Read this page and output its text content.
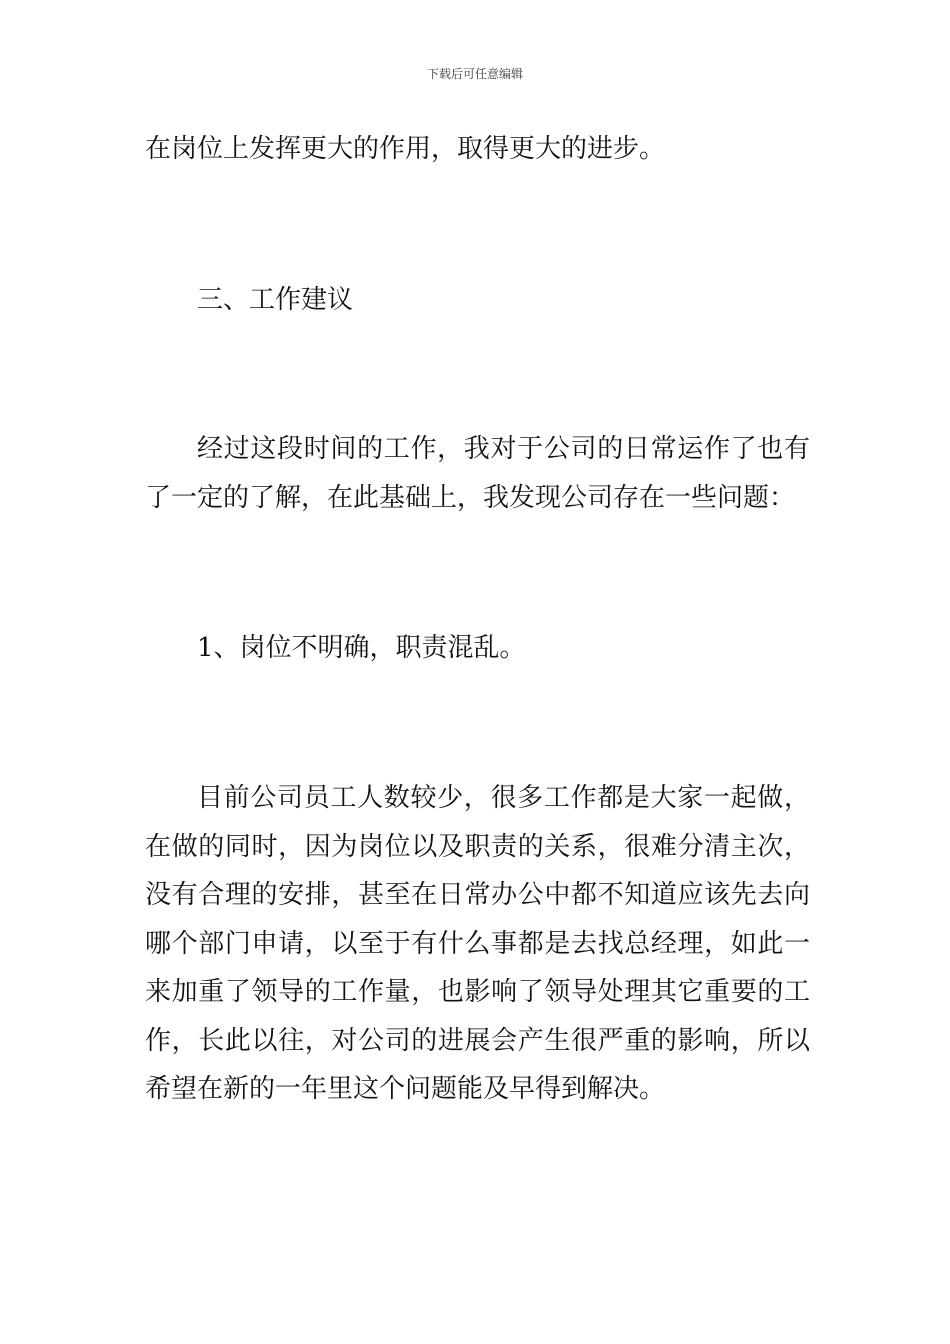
下载后可任意编辑

在岗位上发挥更大的作用，取得更大的进步。

三、工作建议

经过这段时间的工作，我对于公司的日常运作了也有了一定的了解，在此基础上，我发现公司存在一些问题：

1、岗位不明确，职责混乱。

目前公司员工人数较少，很多工作都是大家一起做，在做的同时，因为岗位以及职责的关系，很难分清主次，没有合理的安排，甚至在日常办公中都不知道应该先去向哪个部门申请，以至于有什么事都是去找总经理，如此一来加重了领导的工作量，也影响了领导处理其它重要的工作，长此以往，对公司的进展会产生很严重的影响，所以希望在新的一年里这个问题能及早得到解决。
